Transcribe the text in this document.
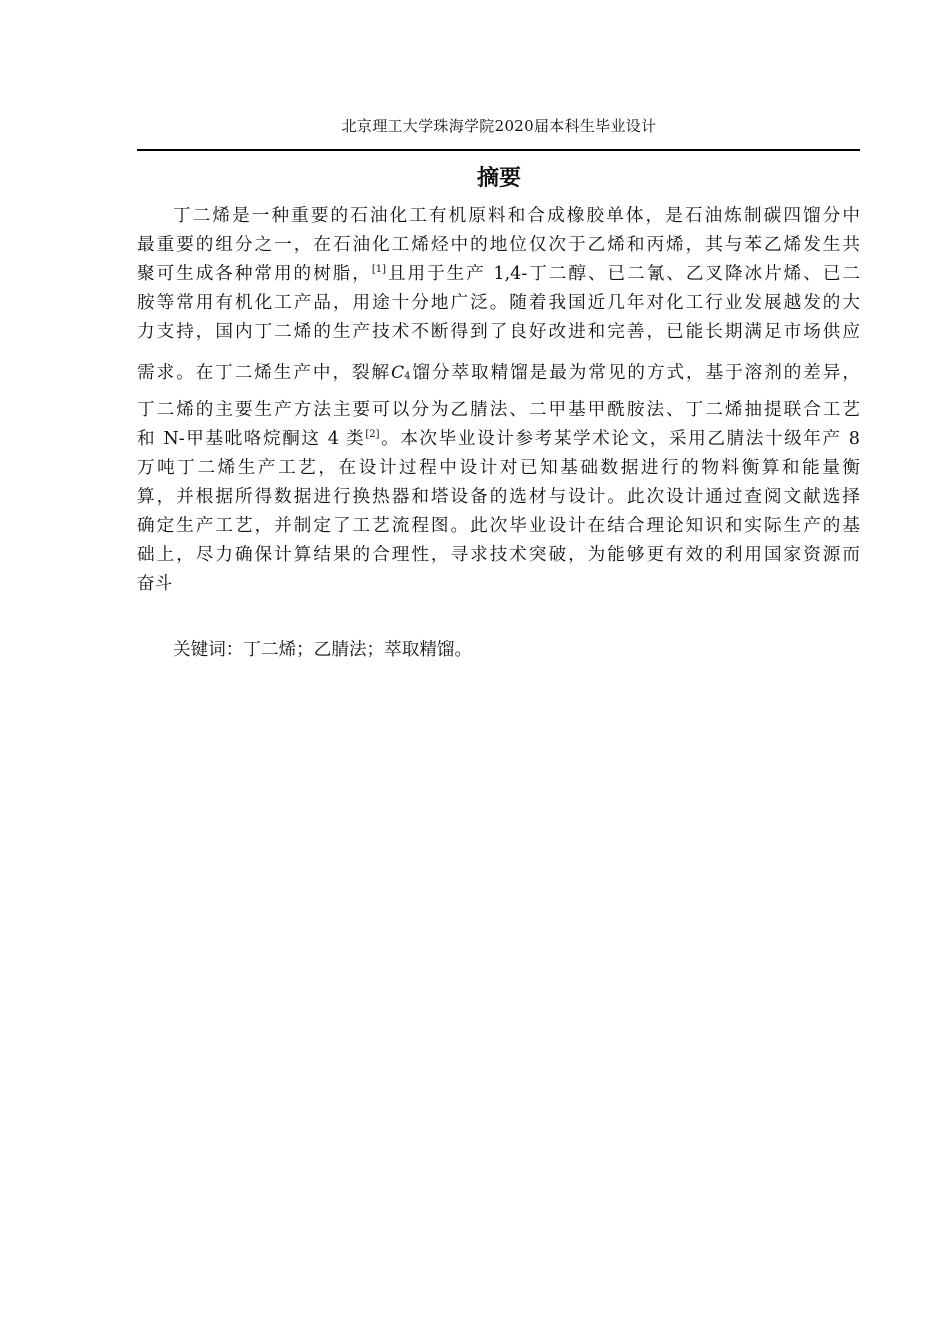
北京理工大学珠海学院2020届本科生毕业设计
摘要
丁二烯是一种重要的石油化工有机原料和合成橡胶单体，是石油炼制碳四馏分中
最重要的组分之一，在石油化工烯烃中的地位仅次于乙烯和丙烯，其与苯乙烯发生共
聚可生成各种常用的树脂，[1]且用于生产 1,4-丁二醇、已二氰、乙叉降冰片烯、已二
胺等常用有机化工产品，用途十分地广泛。随着我国近几年对化工行业发展越发的大
力支持，国内丁二烯的生产技术不断得到了良好改进和完善，已能长期满足市场供应
需求。在丁二烯生产中，裂解$C_4$馏分萃取精馏是最为常见的方式，基于溶剂的差异，
丁二烯的主要生产方法主要可以分为乙腈法、二甲基甲酰胺法、丁二烯抽提联合工艺
和 N-甲基吡咯烷酮这 4 类[2]。本次毕业设计参考某学术论文，采用乙腈法十级年产 8
万吨丁二烯生产工艺，在设计过程中设计对已知基础数据进行的物料衡算和能量衡
算，并根据所得数据进行换热器和塔设备的选材与设计。此次设计通过查阅文献选择
确定生产工艺，并制定了工艺流程图。此次毕业设计在结合理论知识和实际生产的基
础上，尽力确保计算结果的合理性，寻求技术突破，为能够更有效的利用国家资源而
奋斗
关键词：丁二烯；乙腈法；萃取精馏。
